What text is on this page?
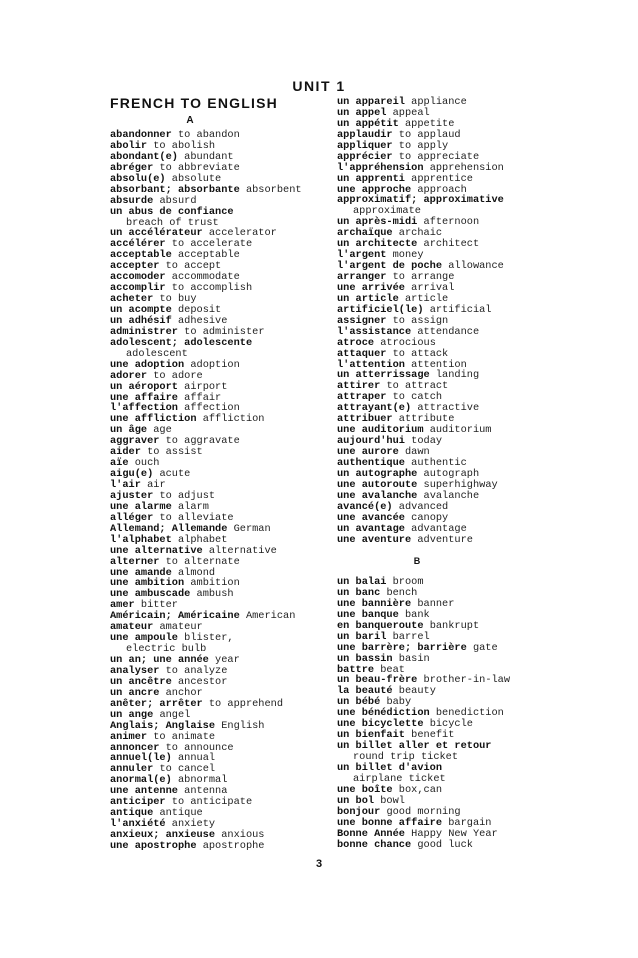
UNIT 1
FRENCH TO ENGLISH
A
abandonner to abandon
abolir to abolish
abondant(e) abundant
abréger to abbreviate
absolu(e) absolute
absorbant; absorbante absorbent
absurde absurd
un abus de confiance
breach of trust
un accélérateur accelerator
accélérer to accelerate
acceptable acceptable
accepter to accept
accomoder accommodate
accomplir to accomplish
acheter to buy
un acompte deposit
un adhésif adhesive
administrer to administer
adolescent; adolescente
adolescent
une adoption adoption
adorer to adore
un aéroport airport
une affaire affair
l'affection affection
une affliction affliction
un âge age
aggraver to aggravate
aider to assist
aïe ouch
aigu(e) acute
l'air air
ajuster to adjust
une alarme alarm
alléger to alleviate
Allemand; Allemande German
l'alphabet alphabet
une alternative alternative
alterner to alternate
une amande almond
une ambition ambition
une ambuscade ambush
amer bitter
Américain; Américaine American
amateur amateur
une ampoule blister,
electric bulb
un an; une année year
analyser to analyze
un ancêtre ancestor
un ancre anchor
anêter; arrêter to apprehend
un ange angel
Anglais; Anglaise English
animer to animate
annoncer to announce
annuel(le) annual
annuler to cancel
anormal(e) abnormal
une antenne antenna
anticiper to anticipate
antique antique
l'anxiété anxiety
anxieux; anxieuse anxious
une apostrophe apostrophe
un appareil appliance
un appel appeal
un appétit appetite
applaudir to applaud
appliquer to apply
apprécier to appreciate
l'appréhension apprehension
un apprenti apprentice
une approche approach
approximatif; approximative
approximate
un après-midi afternoon
archaïque archaic
un architecte architect
l'argent money
l'argent de poche allowance
arranger to arrange
une arrivée arrival
un article article
artificiel(le) artificial
assigner to assign
l'assistance attendance
atroce atrocious
attaquer to attack
l'attention attention
un atterrissage landing
attirer to attract
attraper to catch
attrayant(e) attractive
attribuer attribute
une auditorium auditorium
aujourd'hui today
une aurore dawn
authentique authentic
un autographe autograph
une autoroute superhighway
une avalanche avalanche
avancé(e) advanced
une avancée canopy
un avantage advantage
une aventure adventure
B
un balai broom
un banc bench
une bannière banner
une banque bank
en banqueroute bankrupt
un baril barrel
une barrère; barrière gate
un bassin basin
battre beat
un beau-frère brother-in-law
la beauté beauty
un bébé baby
une bénédiction benediction
une bicyclette bicycle
un bienfait benefit
un billet aller et retour
round trip ticket
un billet d'avion
airplane ticket
une boîte box,can
un bol bowl
bonjour good morning
une bonne affaire bargain
Bonne Année Happy New Year
bonne chance good luck
3
